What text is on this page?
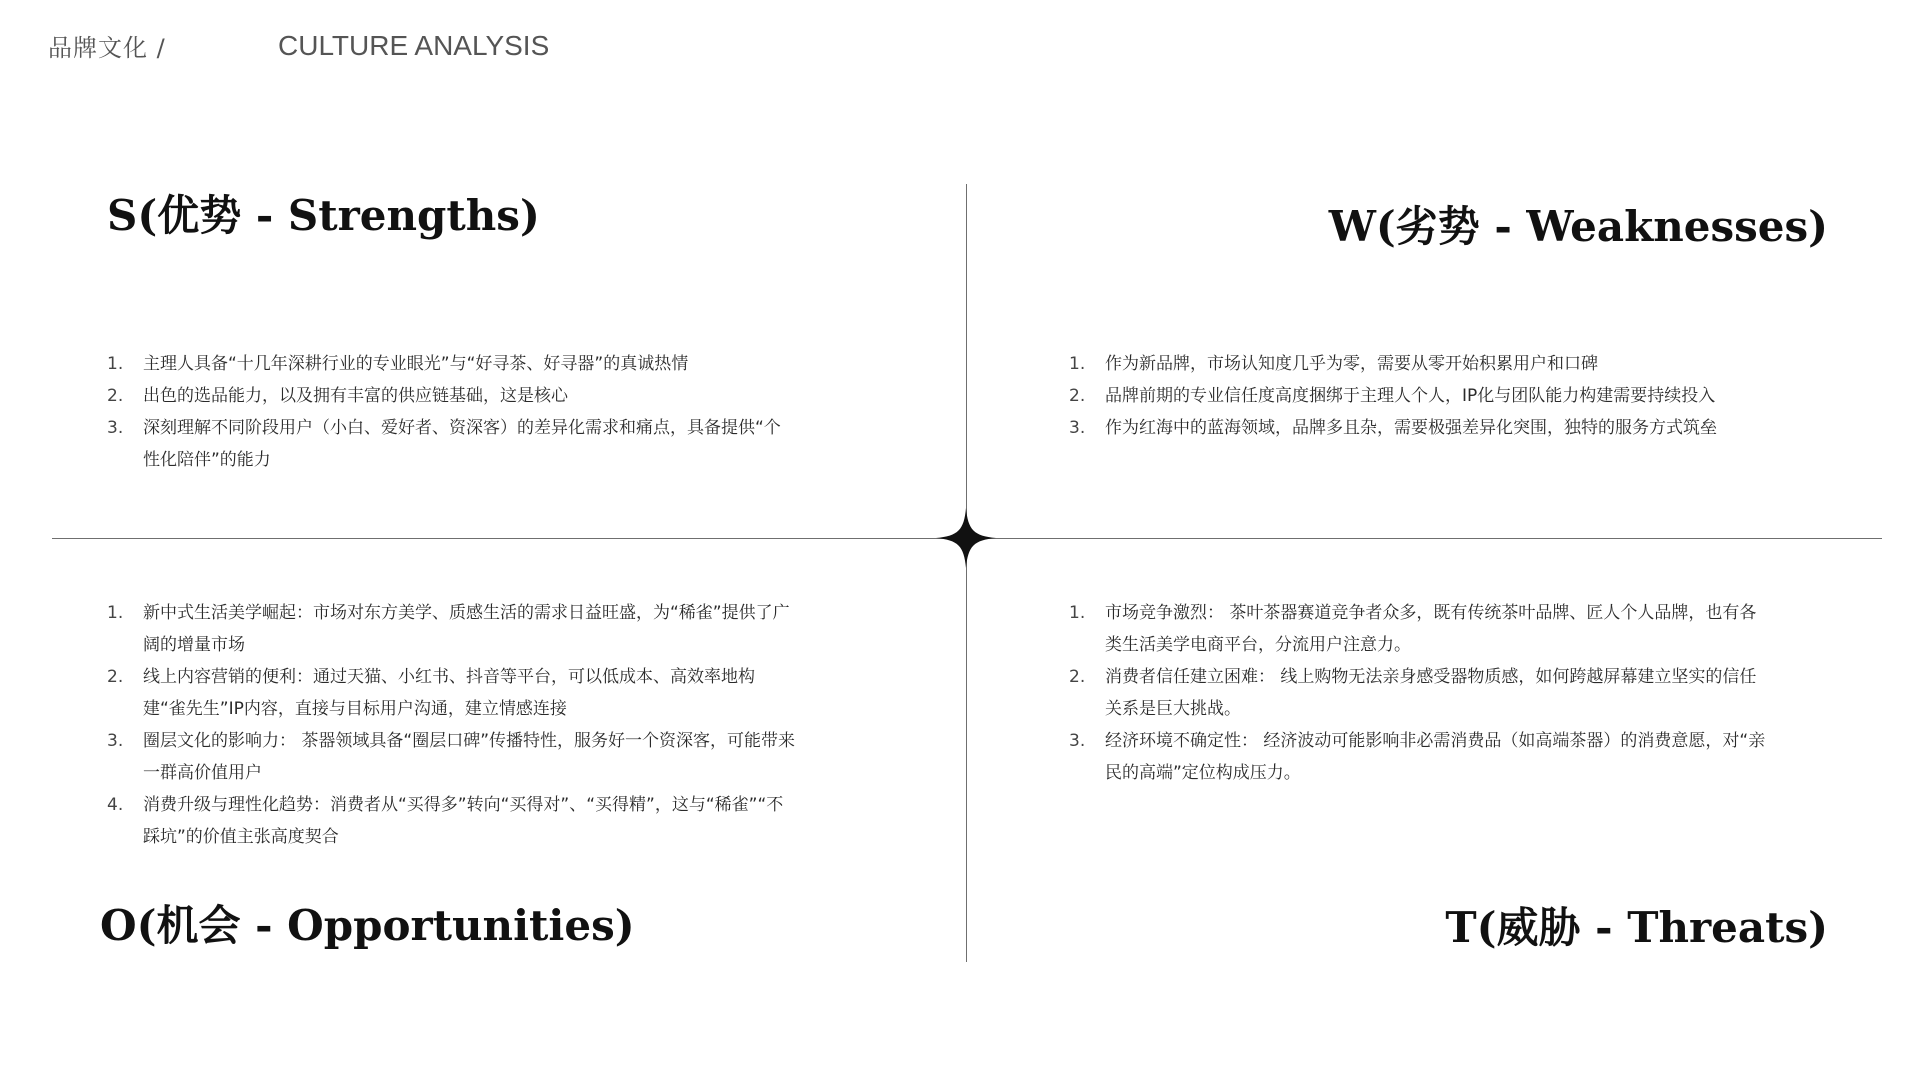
品牌文化 /	CULTURE ANALYSIS
S(优势 - Strengths)
1.	主理人具备“十几年深耕行业的专业眼光”与“好寻茶、好寻器”的真诚热情
2.	出色的选品能力，以及拥有丰富的供应链基础，这是核心
3.	深刻理解不同阶段用户（小白、爱好者、资深客）的差异化需求和痛点，具备提供“个性化陪伴”的能力
W(劣势 - Weaknesses)
1.	作为新品牌，市场认知度几乎为零，需要从零开始积累用户和口碑
2.	品牌前期的专业信任度高度捆绑于主理人个人，IP化与团队能力构建需要持续投入
3.	作为红海中的蓝海领域，品牌多且杂，需要极强差异化突围，独特的服务方式筑垒
1.	新中式生活美学崛起：市场对东方美学、质感生活的需求日益旺盛，为“稀雀”提供了广阔的增量市场
2.	线上内容营销的便利：通过天猫、小红书、抖音等平台，可以低成本、高效率地构建“雀先生”IP内容，直接与目标用户沟通，建立情感连接
3.	圈层文化的影响力： 茶器领域具备“圈层口碑”传播特性，服务好一个资深客，可能带来一群高价值用户
4.	消费升级与理性化趋势：消费者从“买得多”转向“买得对”、“买得精”，这与“稀雀”“不踩坑”的价值主张高度契合
O(机会 - Opportunities)
1.	市场竞争激烈： 茶叶茶器赛道竞争者众多，既有传统茶叶品牌、匠人个人品牌，也有各类生活美学电商平台，分流用户注意力。
2.	消费者信任建立困难： 线上购物无法亲身感受器物质感，如何跨越屏幕建立坚实的信任关系是巨大挑战。
3.	经济环境不确定性： 经济波动可能影响非必需消费品（如高端茶器）的消费意愿，对“亲民的高端”定位构成压力。
T(威胁 - Threats)
